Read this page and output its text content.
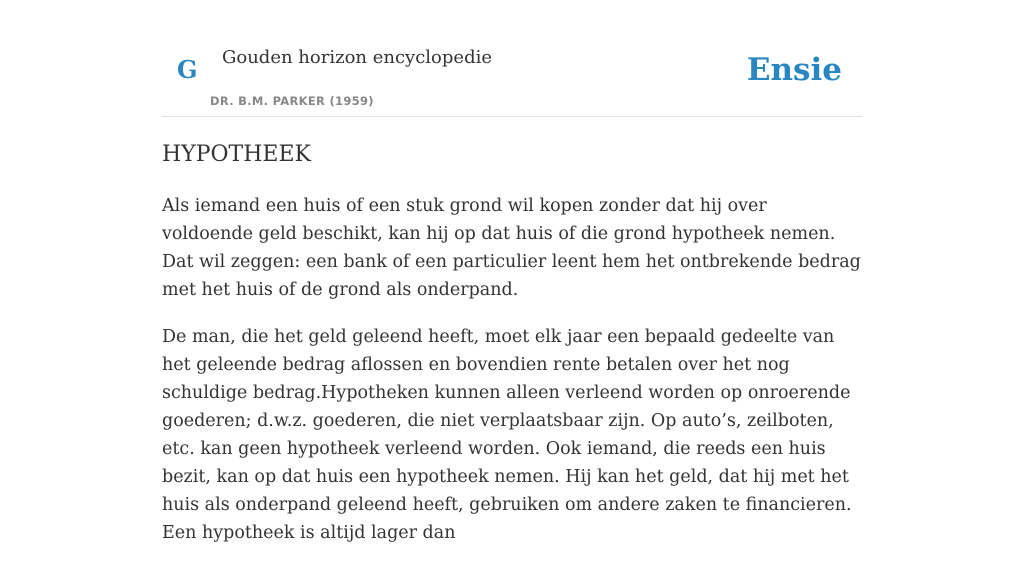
G Gouden horizon encyclopedie
DR. B.M. PARKER (1959)
Ensie
HYPOTHEEK

Als iemand een huis of een stuk grond wil kopen zonder dat hij over voldoende geld beschikt, kan hij op dat huis of die grond hypotheek nemen. Dat wil zeggen: een bank of een particulier leent hem het ontbrekende bedrag met het huis of de grond als onderpand.

De man, die het geld geleend heeft, moet elk jaar een bepaald gedeelte van het geleende bedrag aflossen en bovendien rente betalen over het nog schuldige bedrag.Hypotheken kunnen alleen verleend worden op onroerende goederen; d.w.z. goederen, die niet verplaatsbaar zijn. Op auto’s, zeilboten, etc. kan geen hypotheek verleend worden. Ook iemand, die reeds een huis bezit, kan op dat huis een hypotheek nemen. Hij kan het geld, dat hij met het huis als onderpand geleend heeft, gebruiken om andere zaken te financieren. Een hypotheek is altijd lager dan
